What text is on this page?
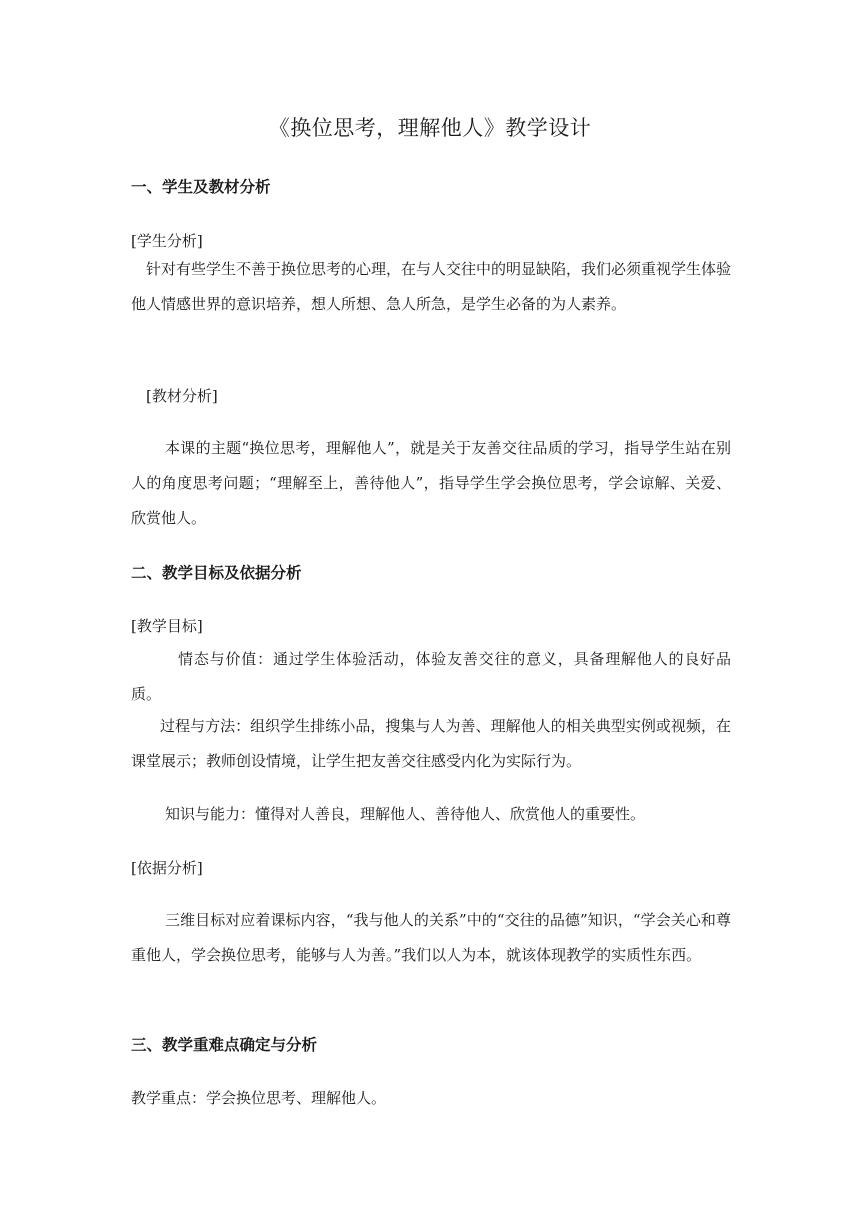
《换位思考，理解他人》教学设计
一、学生及教材分析
[学生分析]
针对有些学生不善于换位思考的心理，在与人交往中的明显缺陷，我们必须重视学生体验他人情感世界的意识培养，想人所想、急人所急，是学生必备的为人素养。
[教材分析]
本课的主题“换位思考，理解他人”，就是关于友善交往品质的学习，指导学生站在别人的角度思考问题；“理解至上，善待他人”，指导学生学会换位思考，学会谅解、关爱、欣赏他人。
二、教学目标及依据分析
[教学目标]
情态与价值：通过学生体验活动，体验友善交往的意义，具备理解他人的良好品质。
过程与方法：组织学生排练小品，搜集与人为善、理解他人的相关典型实例或视频，在课堂展示；教师创设情境，让学生把友善交往感受内化为实际行为。
知识与能力：懂得对人善良，理解他人、善待他人、欣赏他人的重要性。
[依据分析]
三维目标对应着课标内容，“我与他人的关系”中的“交往的品德”知识，“学会关心和尊重他人，学会换位思考，能够与人为善。”我们以人为本，就该体现教学的实质性东西。
三、教学重难点确定与分析
教学重点：学会换位思考、理解他人。
